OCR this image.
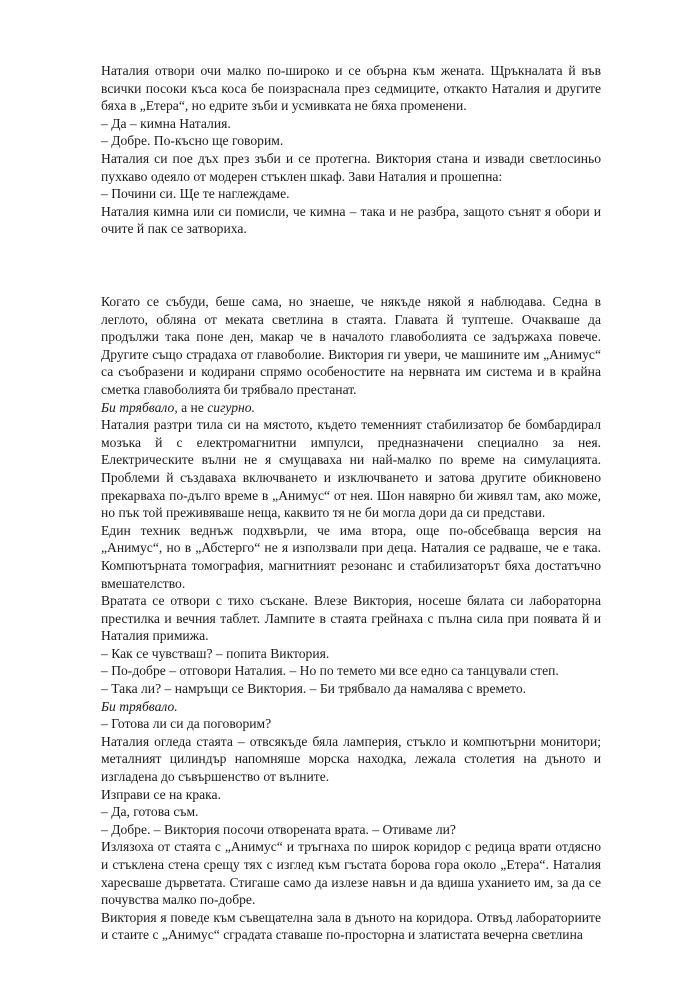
Наталия отвори очи малко по-широко и се обърна към жената. Щръкналата й във всички посоки къса коса бе поизраснала през седмиците, откакто Наталия и другите бяха в „Етера“, но едрите зъби и усмивката не бяха променени.

– Да – кимна Наталия.

– Добре. По-късно ще говорим.

Наталия си пое дъх през зъби и се протегна. Виктория стана и извади светлосиньо пухкаво одеяло от модерен стъклен шкаф. Зави Наталия и прошепна:

– Почини си. Ще те наглеждаме.

Наталия кимна или си помисли, че кимна – така и не разбра, защото сънят я обори и очите й пак се затвориха.

Когато се събуди, беше сама, но знаеше, че някъде някой я наблюдава. Седна в леглото, обляна от меката светлина в стаята. Главата й туптеше. Очакваше да продължи така поне ден, макар че в началото главоболията се задържаха повече. Другите също страдаха от главоболие. Виктория ги увери, че машините им „Анимус“ са съобразени и кодирани спрямо особеностите на нервната им система и в крайна сметка главоболията би трябвало престанат.

Би трябвало, а не сигурно.

Наталия разтри тила си на мястото, където теменният стабилизатор бе бомбардирал мозъка й с електромагнитни импулси, предназначени специално за нея. Електрическите вълни не я смущаваха ни най-малко по време на симулацията. Проблеми й създаваха включването и изключването и затова другите обикновено прекарваха по-дълго време в „Анимус“ от нея. Шон навярно би живял там, ако може, но пък той преживяваше неща, каквито тя не би могла дори да си представи.

Един техник веднъж подхвърли, че има втора, още по-обсебваща версия на „Анимус“, но в „Абстерго“ не я използвали при деца. Наталия се радваше, че е така. Компютърната томография, магнитният резонанс и стабилизаторът бяха достатъчно вмешателство.

Вратата се отвори с тихо съскане. Влезе Виктория, носеше бялата си лабораторна престилка и вечния таблет. Лампите в стаята грейнаха с пълна сила при появата й и Наталия примижа.

– Как се чувстваш? – попита Виктория.

– По-добре – отговори Наталия. – Но по темето ми все едно са танцували степ.

– Така ли? – намръщи се Виктория. – Би трябвало да намалява с времето.

Би трябвало.

– Готова ли си да поговорим?

Наталия огледа стаята – отвсякъде бяла ламперия, стъкло и компютърни монитори; металният цилиндър напомняше морска находка, лежала столетия на дъното и изгладена до съвършенство от вълните.

Изправи се на крака.

– Да, готова съм.

– Добре. – Виктория посочи отворената врата. – Отиваме ли?

Излязоха от стаята с „Анимус“ и тръгнаха по широк коридор с редица врати отдясно и стъклена стена срещу тях с изглед към гъстата борова гора около „Етера“. Наталия харесваше дърветата. Стигаше само да излезе навън и да вдиша уханието им, за да се почувства малко по-добре.

Виктория я поведе към съвещателна зала в дъното на коридора. Отвъд лабораториите и стаите с „Анимус“ сградата ставаше по-просторна и златистата вечерна светлина
